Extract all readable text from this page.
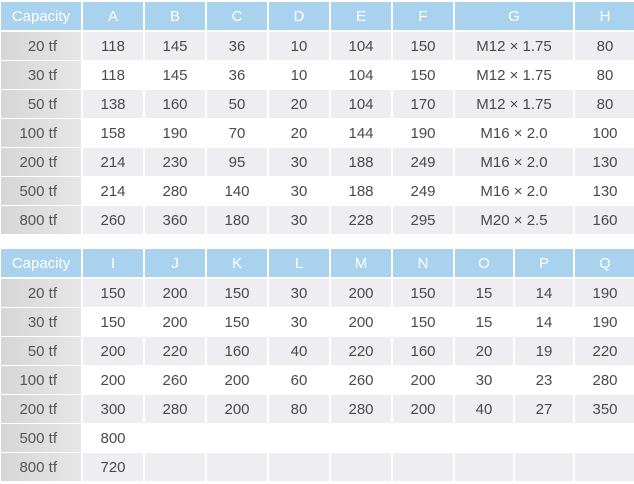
Capacity	A	B	C	D	E	F	G	H
20 tf	118	145	36	10	104	150	M12 × 1.75	80
30 tf	118	145	36	10	104	150	M12 × 1.75	80
50 tf	138	160	50	20	104	170	M12 × 1.75	80
100 tf	158	190	70	20	144	190	M16 × 2.0	100
200 tf	214	230	95	30	188	249	M16 × 2.0	130
500 tf	214	280	140	30	188	249	M16 × 2.0	130
800 tf	260	360	180	30	228	295	M20 × 2.5	160
Capacity	I	J	K	L	M	N	O	P	Q
20 tf	150	200	150	30	200	150	15	14	190
30 tf	150	200	150	30	200	150	15	14	190
50 tf	200	220	160	40	220	160	20	19	220
100 tf	200	260	200	60	260	200	30	23	280
200 tf	300	280	200	80	280	200	40	27	350
500 tf	800								
800 tf	720								
